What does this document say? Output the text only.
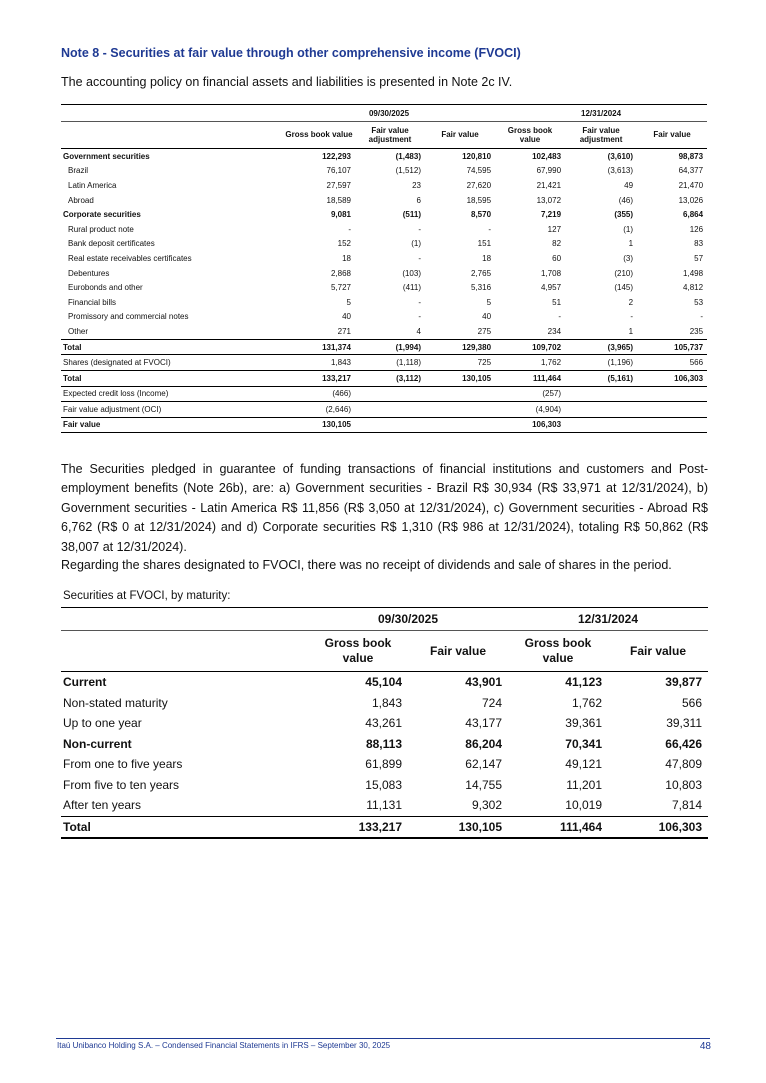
Note 8 - Securities at fair value through other comprehensive income (FVOCI)
The accounting policy on financial assets and liabilities is presented in Note 2c IV.
	09/30/2025			12/31/2024		
	Gross book value	Fair value adjustment	Fair value	Gross book value	Fair value adjustment	Fair value
Government securities	122,293	(1,483)	120,810	102,483	(3,610)	98,873
Brazil	76,107	(1,512)	74,595	67,990	(3,613)	64,377
Latin America	27,597	23	27,620	21,421	49	21,470
Abroad	18,589	6	18,595	13,072	(46)	13,026
Corporate securities	9,081	(511)	8,570	7,219	(355)	6,864
Rural product note	-	-	-	127	(1)	126
Bank deposit certificates	152	(1)	151	82	1	83
Real estate receivables certificates	18	-	18	60	(3)	57
Debentures	2,868	(103)	2,765	1,708	(210)	1,498
Eurobonds and other	5,727	(411)	5,316	4,957	(145)	4,812
Financial bills	5	-	5	51	2	53
Promissory and commercial notes	40	-	40	-	-	-
Other	271	4	275	234	1	235
Total	131,374	(1,994)	129,380	109,702	(3,965)	105,737
Shares (designated at FVOCI)	1,843	(1,118)	725	1,762	(1,196)	566
Total	133,217	(3,112)	130,105	111,464	(5,161)	106,303
Expected credit loss (Income)	(466)			(257)		
Fair value adjustment (OCI)	(2,646)			(4,904)		
Fair value	130,105			106,303		
The Securities pledged in guarantee of funding transactions of financial institutions and customers and Post-employment benefits (Note 26b), are: a) Government securities - Brazil R$ 30,934 (R$ 33,971 at 12/31/2024), b) Government securities - Latin America R$ 11,856 (R$ 3,050 at 12/31/2024), c) Government securities - Abroad R$ 6,762 (R$ 0 at 12/31/2024) and d) Corporate securities R$ 1,310 (R$ 986 at 12/31/2024), totaling R$ 50,862 (R$ 38,007 at 12/31/2024).
Regarding the shares designated to FVOCI, there was no receipt of dividends and sale of shares in the period.
Securities at FVOCI, by maturity:
	09/30/2025		12/31/2024	
	Gross book value	Fair value	Gross book value	Fair value
Current	45,104	43,901	41,123	39,877
Non-stated maturity	1,843	724	1,762	566
Up to one year	43,261	43,177	39,361	39,311
Non-current	88,113	86,204	70,341	66,426
From one to five years	61,899	62,147	49,121	47,809
From five to ten years	15,083	14,755	11,201	10,803
After ten years	11,131	9,302	10,019	7,814
Total	133,217	130,105	111,464	106,303
Itaú Unibanco Holding S.A. – Condensed Financial Statements in IFRS – September 30, 2025	48
